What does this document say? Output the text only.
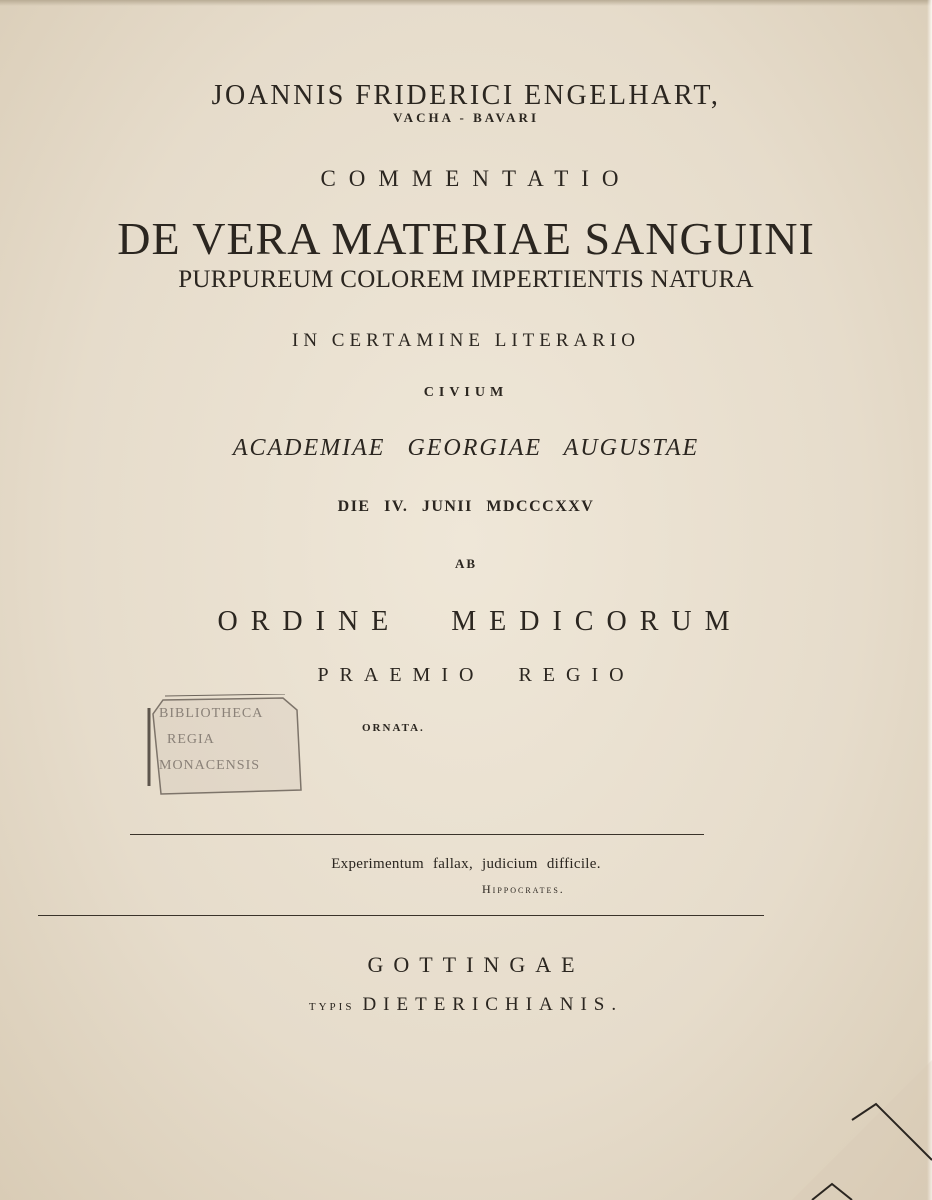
JOANNIS FRIDERICI ENGELHART,
VACHA - BAVARI
COMMENTATIO
DE VERA MATERIAE SANGUINI
PURPUREUM COLOREM IMPERTIENTIS NATURA
IN CERTAMINE LITERARIO
CIVIUM
ACADEMIAE GEORGIAE AUGUSTAE
DIE IV. JUNII MDCCCXXV
AB
ORDINE MEDICORUM
PRAEMIO REGIO
ORNATA.
BIBLIOTHECA
REGIA
MONACENSIS
Experimentum fallax, judicium difficile.
Hippocrates.
GOTTINGAE
TYPIS DIETERICHIANIS.
